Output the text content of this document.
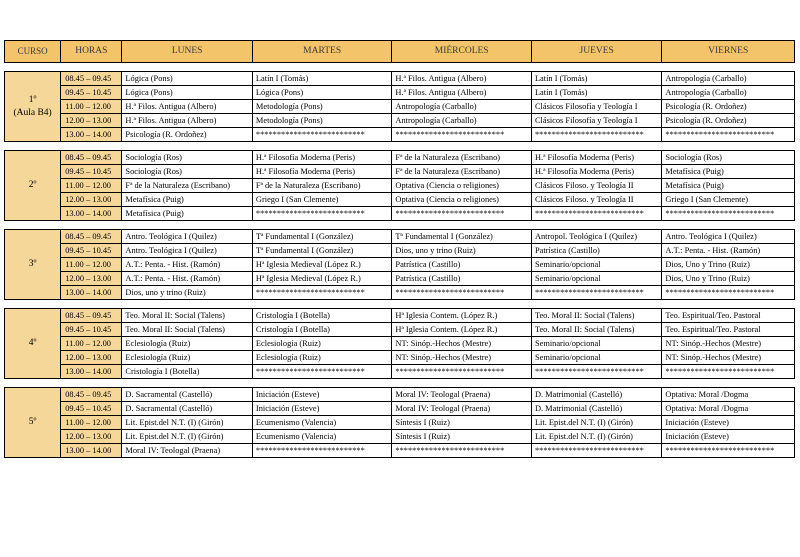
CURSO	HORAS	LUNES	MARTES	MIÉRCOLES	JUEVES	VIERNES

1º
(Aula B4)	08.45 – 09.45	Lógica (Pons)	Latín I (Tomás)	H.ª Filos. Antigua (Albero)	Latín I (Tomás)	Antropología (Carballo)
	09.45 – 10.45	Lógica (Pons)	Lógica (Pons)	H.ª Filos. Antigua (Albero)	Latín I (Tomás)	Antropología (Carballo)
	11.00 – 12.00	H.ª Filos. Antigua (Albero)	Metodología (Pons)	Antropología (Carballo)	Clásicos Filosofía y Teología I	Psicología (R. Ordoñez)
	12.00 – 13.00	H.ª Filos. Antigua (Albero)	Metodología (Pons)	Antropología (Carballo)	Clásicos Filosofía y Teología I	Psicología (R. Ordoñez)
	13.00 – 14.00	Psicología (R. Ordoñez)	**************************	**************************	**************************	**************************

2º	08.45 – 09.45	Sociología (Ros)	H.ª Filosofía Moderna (Peris)	Fª de la Naturaleza (Escribano)	H.ª Filosofía Moderna (Peris)	Sociología (Ros)
	09.45 – 10.45	Sociología (Ros)	H.ª Filosofía Moderna (Peris)	Fª de la Naturaleza (Escribano)	H.ª Filosofía Moderna (Peris)	Metafísica (Puig)
	11.00 – 12.00	Fª de la Naturaleza (Escribano)	Fª de la Naturaleza (Escribano)	Optativa (Ciencia o religiones)	Clásicos Filoso. y Teología II	Metafísica (Puig)
	12.00 – 13.00	Metafísica (Puig)	Griego I (San Clemente)	Optativa (Ciencia o religiones)	Clásicos Filoso. y Teología II	Griego I (San Clemente)
	13.00 – 14.00	Metafísica (Puig)	**************************	**************************	**************************	**************************

3º	08.45 – 09.45	Antro. Teológica I (Quilez)	Tª Fundamental I (González)	Tª Fundamental I (González)	Antropol. Teológica I (Quilez)	Antro. Teológica I (Quilez)
	09.45 – 10.45	Antro. Teológica I (Quilez)	Tª Fundamental I (González)	Dios, uno y trino (Ruiz)	Patrística (Castillo)	A.T.: Penta. - Hist. (Ramón)
	11.00 – 12.00	A.T.: Penta. - Hist. (Ramón)	Hª Iglesia Medieval (López R.)	Patrística (Castillo)	Seminario/opcional	Dios, Uno y Trino (Ruiz)
	12.00 – 13.00	A.T.: Penta. - Hist. (Ramón)	Hª Iglesia Medieval (López R.)	Patrística (Castillo)	Seminario/opcional	Dios, Uno y Trino (Ruiz)
	13.00 – 14.00	Dios, uno y trino (Ruiz)	**************************	**************************	**************************	**************************

4º	08.45 – 09.45	Teo. Moral II: Social (Talens)	Cristología I (Botella)	Hª Iglesia Contem. (López R.)	Teo. Moral II: Social (Talens)	Teo. Espiritual/Teo. Pastoral
	09.45 – 10.45	Teo. Moral II: Social (Talens)	Cristología I (Botella)	Hª Iglesia Contem. (López R.)	Teo. Moral II: Social (Talens)	Teo. Espiritual/Teo. Pastoral
	11.00 – 12.00	Eclesiología (Ruiz)	Eclesiología (Ruiz)	NT: Sinóp.-Hechos (Mestre)	Seminario/opcional	NT: Sinóp.-Hechos (Mestre)
	12.00 – 13.00	Eclesiología (Ruiz)	Eclesiología (Ruiz)	NT: Sinóp.-Hechos (Mestre)	Seminario/opcional	NT: Sinóp.-Hechos (Mestre)
	13.00 – 14.00	Cristología I (Botella)	**************************	**************************	**************************	**************************

5º	08.45 – 09.45	D. Sacramental (Castelló)	Iniciación (Esteve)	Moral IV: Teologal (Praena)	D. Matrimonial (Castelló)	Optativa: Moral /Dogma
	09.45 – 10.45	D. Sacramental (Castelló)	Iniciación (Esteve)	Moral IV: Teologal (Praena)	D. Matrimonial (Castelló)	Optativa: Moral /Dogma
	11.00 – 12.00	Lit. Epist.del N.T. (I) (Girón)	Ecumenismo (Valencia)	Síntesis I (Ruiz)	Lit. Epist.del N.T. (I) (Girón)	Iniciación (Esteve)
	12.00 – 13.00	Lit. Epist.del N.T. (I) (Girón)	Ecumenismo (Valencia)	Síntesis I (Ruiz)	Lit. Epist.del N.T. (I) (Girón)	Iniciación (Esteve)
	13.00 – 14.00	Moral IV: Teologal (Praena)	**************************	**************************	**************************	**************************
